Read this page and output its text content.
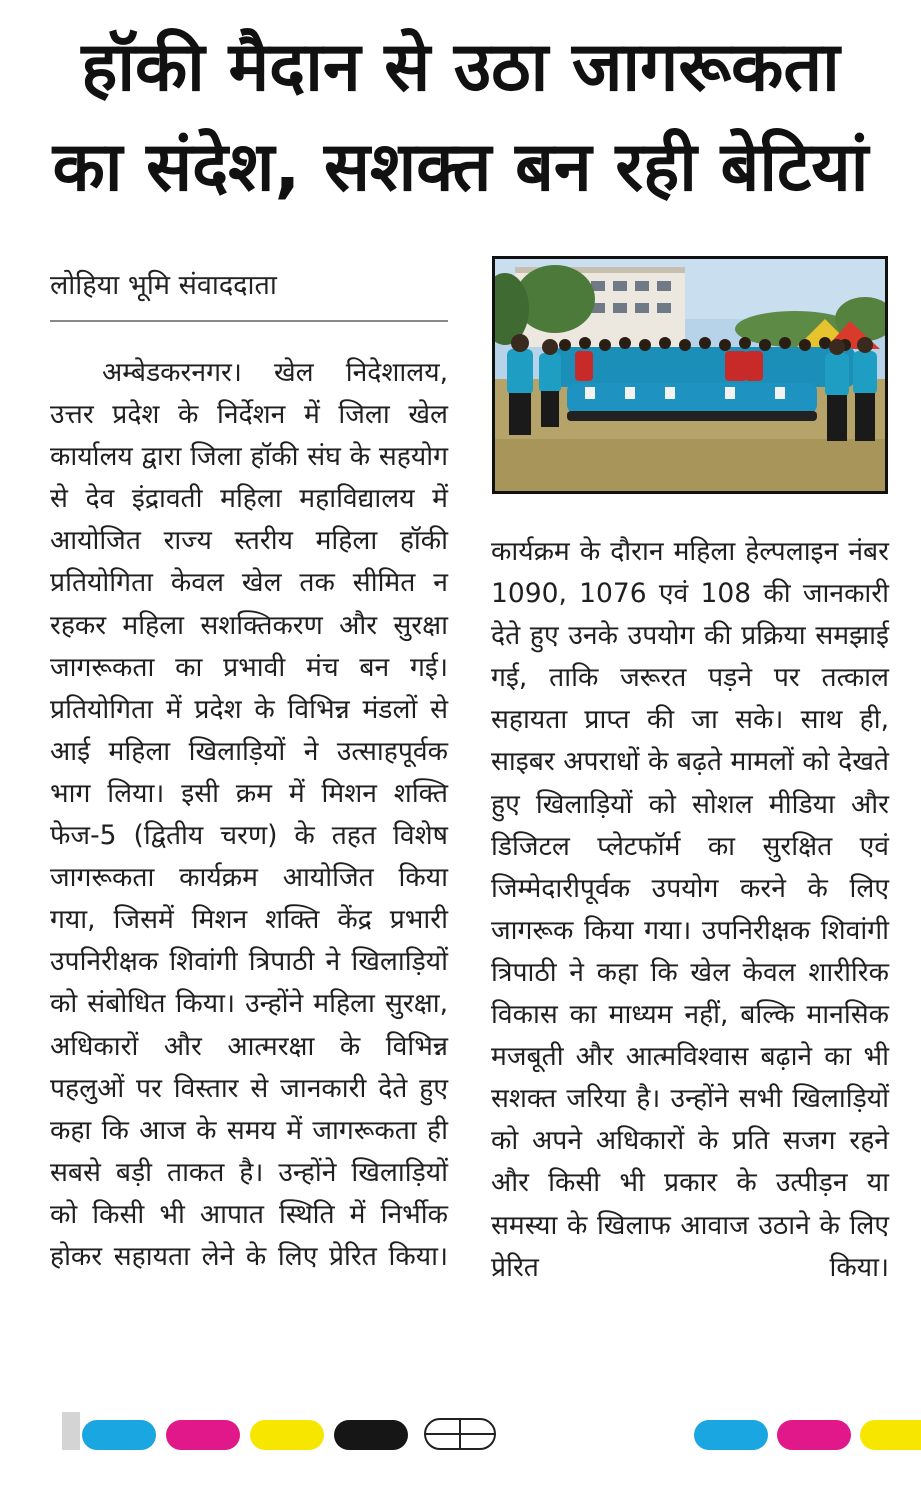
हॉकी मैदान से उठा जागरूकता
का संदेश, सशक्त बन रही बेटियां
लोहिया भूमि संवाददाता

अम्बेडकरनगर। खेल निदेशालय, उत्तर प्रदेश के निर्देशन में जिला खेल कार्यालय द्वारा जिला हॉकी संघ के सहयोग से देव इंद्रावती महिला महाविद्यालय में आयोजित राज्य स्तरीय महिला हॉकी प्रतियोगिता केवल खेल तक सीमित न रहकर महिला सशक्तिकरण और सुरक्षा जागरूकता का प्रभावी मंच बन गई। प्रतियोगिता में प्रदेश के विभिन्न मंडलों से आई महिला खिलाड़ियों ने उत्साहपूर्वक भाग लिया। इसी क्रम में मिशन शक्ति फेज-5 (द्वितीय चरण) के तहत विशेष जागरूकता कार्यक्रम आयोजित किया गया, जिसमें मिशन शक्ति केंद्र प्रभारी उपनिरीक्षक शिवांगी त्रिपाठी ने खिलाड़ियों को संबोधित किया। उन्होंने महिला सुरक्षा, अधिकारों और आत्मरक्षा के विभिन्न पहलुओं पर विस्तार से जानकारी देते हुए कहा कि आज के समय में जागरूकता ही सबसे बड़ी ताकत है। उन्होंने खिलाड़ियों को किसी भी आपात स्थिति में निर्भीक होकर सहायता लेने के लिए प्रेरित किया।

कार्यक्रम के दौरान महिला हेल्पलाइन नंबर 1090, 1076 एवं 108 की जानकारी देते हुए उनके उपयोग की प्रक्रिया समझाई गई, ताकि जरूरत पड़ने पर तत्काल सहायता प्राप्त की जा सके। साथ ही, साइबर अपराधों के बढ़ते मामलों को देखते हुए खिलाड़ियों को सोशल मीडिया और डिजिटल प्लेटफॉर्म का सुरक्षित एवं जिम्मेदारीपूर्वक उपयोग करने के लिए जागरूक किया गया। उपनिरीक्षक शिवांगी त्रिपाठी ने कहा कि खेल केवल शारीरिक विकास का माध्यम नहीं, बल्कि मानसिक मजबूती और आत्मविश्वास बढ़ाने का भी सशक्त जरिया है। उन्होंने सभी खिलाड़ियों को अपने अधिकारों के प्रति सजग रहने और किसी भी प्रकार के उत्पीड़न या समस्या के खिलाफ आवाज उठाने के लिए प्रेरित किया।
